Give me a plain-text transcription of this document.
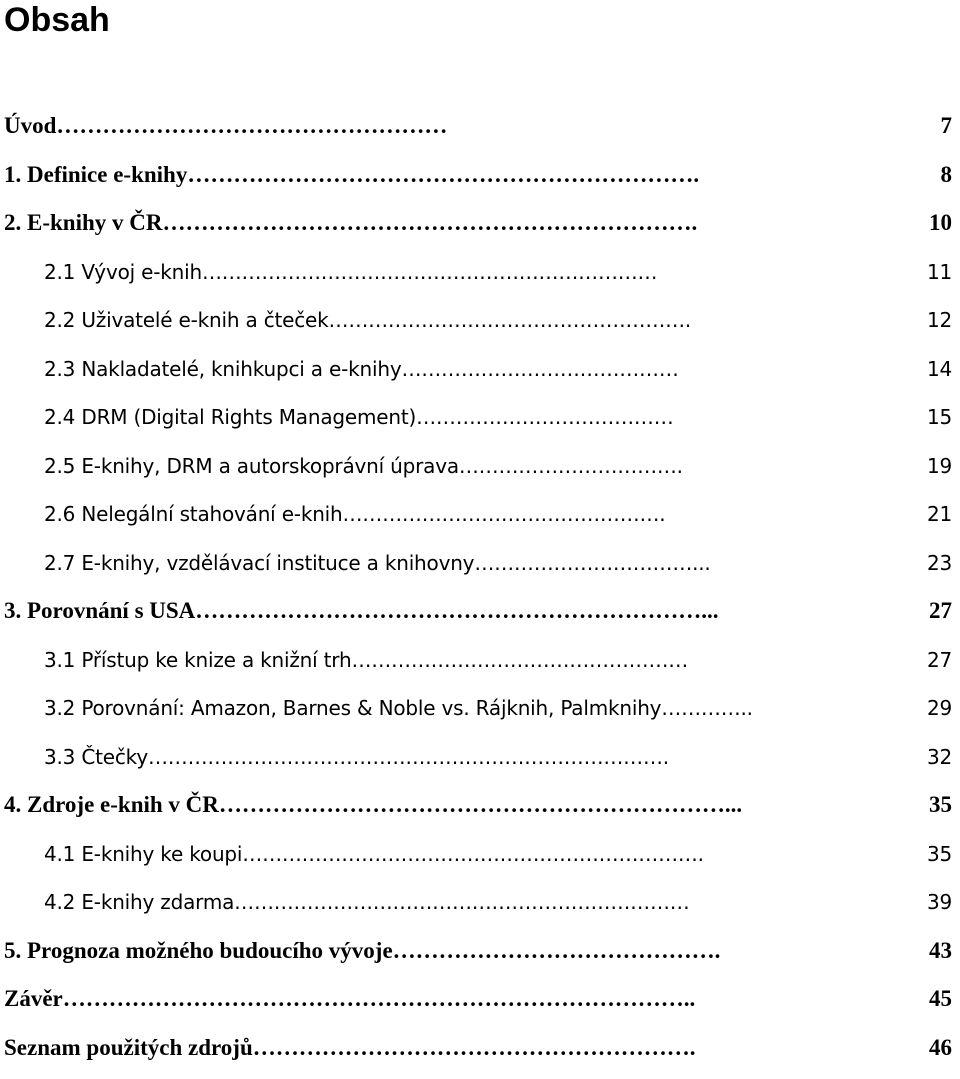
Obsah
Úvod……………………………………………	7
1. Definice e-knihy………………………………………………………….	8
2. E-knihy v ČR…………………………………………………………….	10
2.1 Vývoj e-knih……………………………………………………………	11
2.2 Uživatelé e-knih a čteček……………………………………………….	12
2.3 Nakladatelé, knihkupci a e-knihy……………………………………	14
2.4 DRM (Digital Rights Management)…………………………………	15
2.5 E-knihy, DRM a autorskoprávní úprava…………………………….	19
2.6 Nelegální stahování e-knih………………………………………….	21
2.7 E-knihy, vzdělávací instituce a knihovny……………………………...	23
3. Porovnání s USA…………………………………………………………...	27
3.1 Přístup ke knize a knižní trh……………………………………………	27
3.2 Porovnání: Amazon, Barnes & Noble vs. Rájknih, Palmknihy…………..	29
3.3 Čtečky…………………………………………………………………….	32
4. Zdroje e-knih v ČR…………………………………………………………...	35
4.1 E-knihy ke koupi…………………………………………………………….	35
4.2 E-knihy zdarma……………………………………………………………	39
5. Prognoza možného budoucího vývoje…………………………………….	43
Závěr………………………………………………………………………..	45
Seznam použitých zdrojů………………………………………………….	46
